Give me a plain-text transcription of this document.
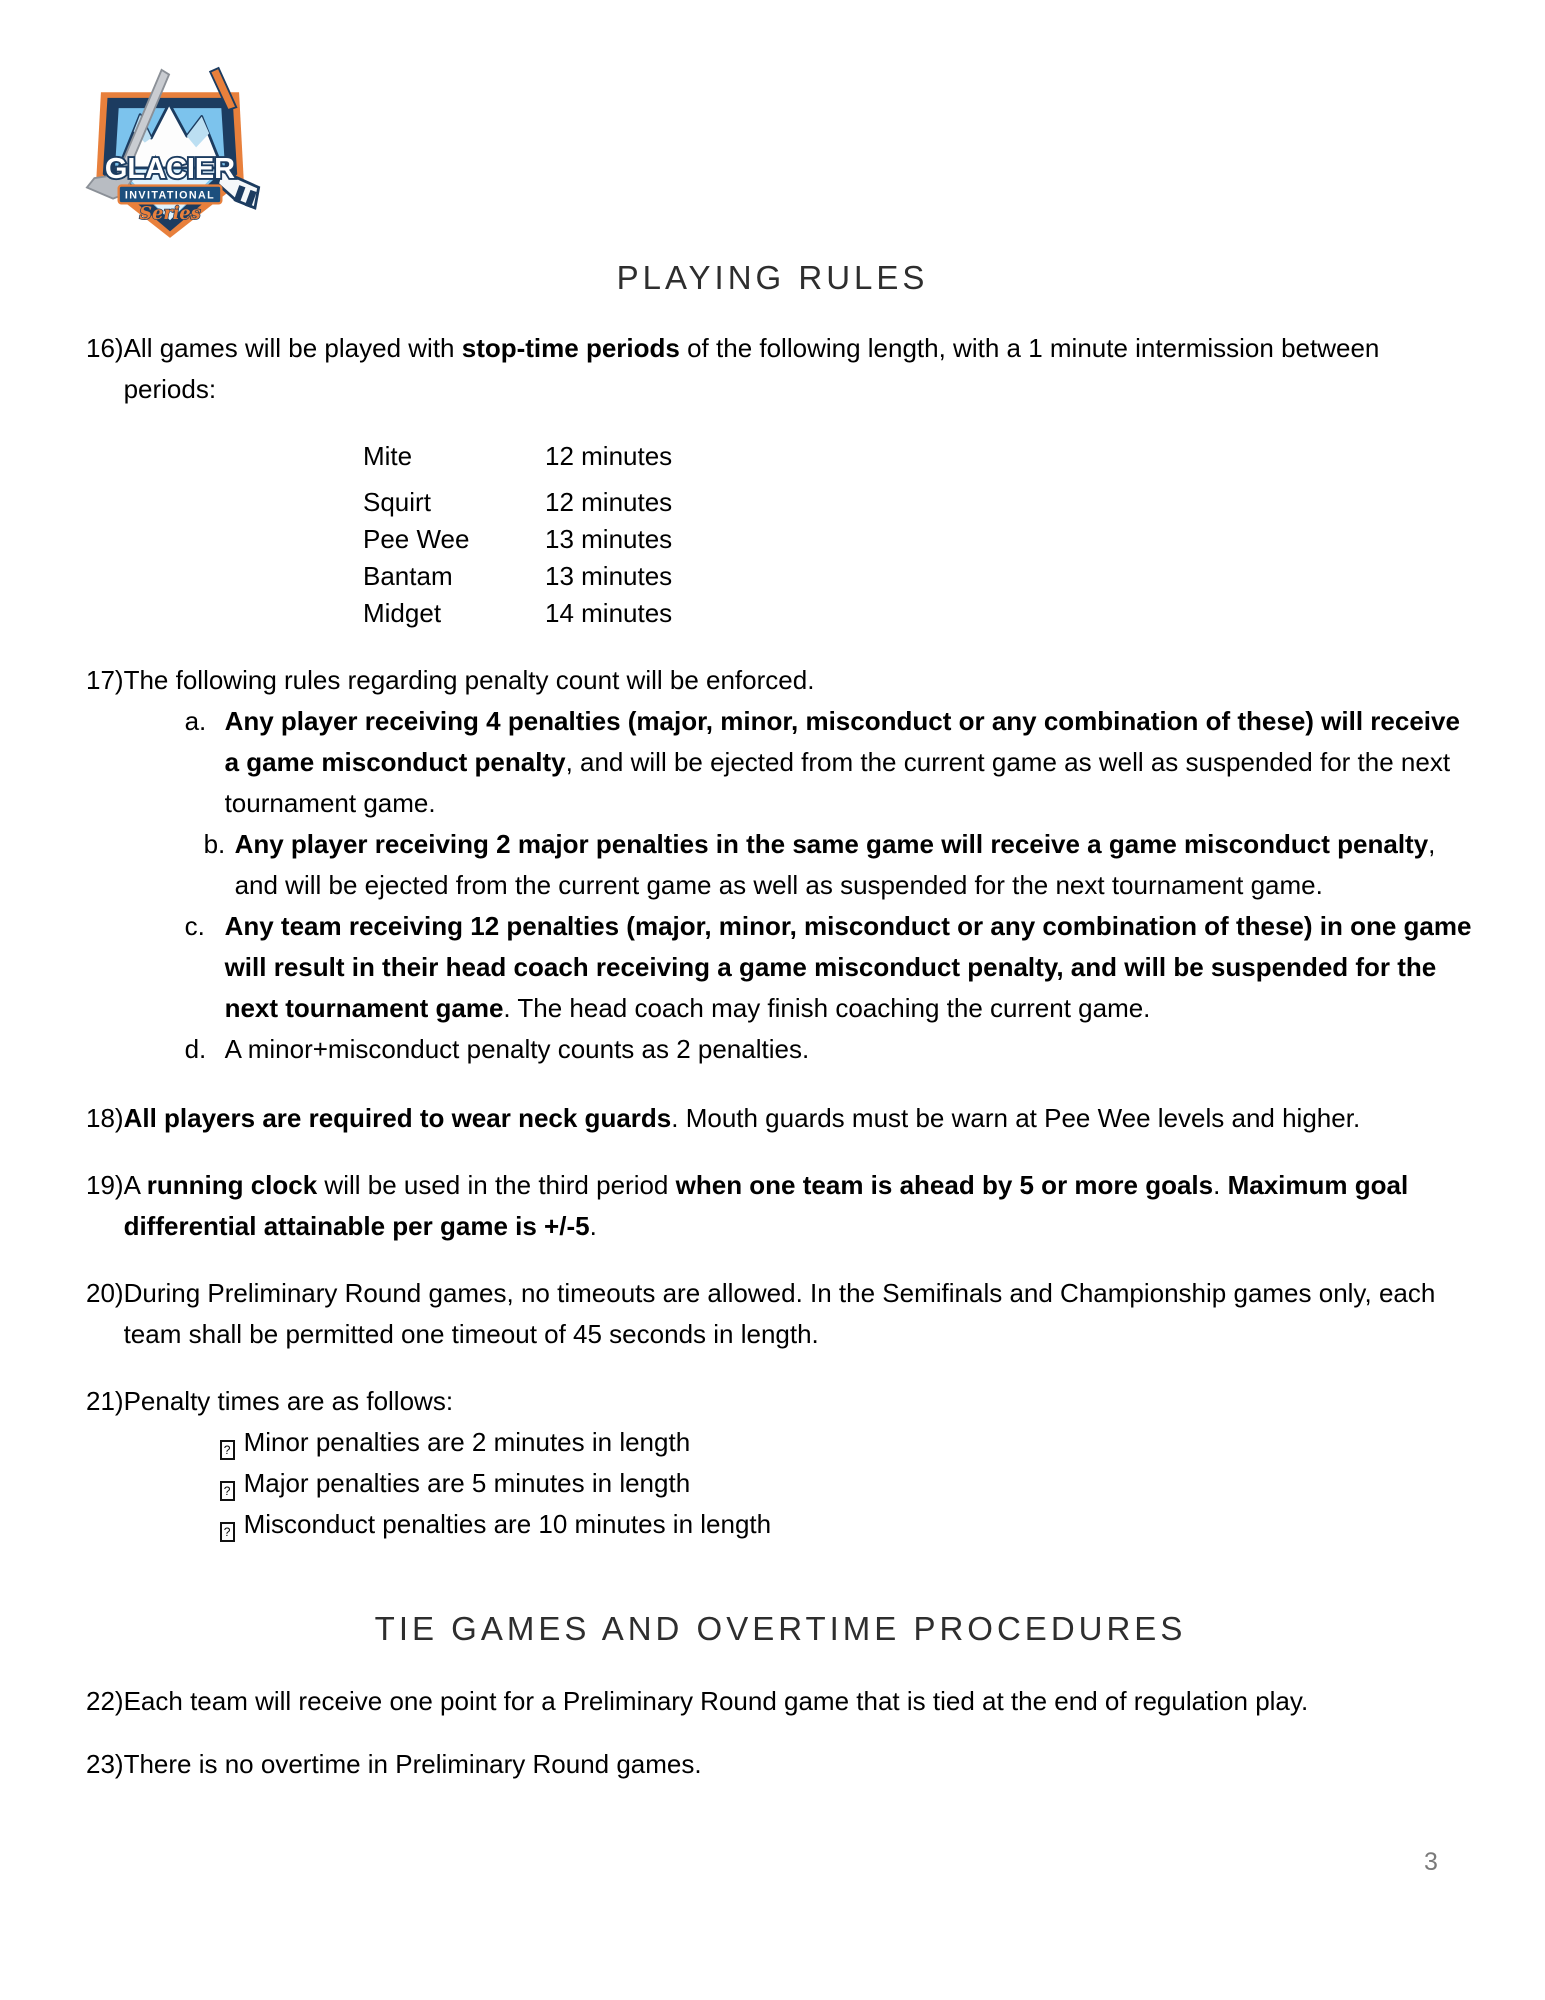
GLACIER
INVITATIONAL
Series
PLAYING RULES
16) All games will be played with stop-time periods of the following length, with a 1 minute intermission between periods:
Mite	12 minutes
Squirt	12 minutes
Pee Wee	13 minutes
Bantam	13 minutes
Midget	14 minutes
17) The following rules regarding penalty count will be enforced.
a. Any player receiving 4 penalties (major, minor, misconduct or any combination of these) will receive a game misconduct penalty, and will be ejected from the current game as well as suspended for the next tournament game.
b. Any player receiving 2 major penalties in the same game will receive a game misconduct penalty, and will be ejected from the current game as well as suspended for the next tournament game.
c. Any team receiving 12 penalties (major, minor, misconduct or any combination of these) in one game will result in their head coach receiving a game misconduct penalty, and will be suspended for the next tournament game. The head coach may finish coaching the current game.
d. A minor+misconduct penalty counts as 2 penalties.
18) All players are required to wear neck guards. Mouth guards must be warn at Pee Wee levels and higher.
19) A running clock will be used in the third period when one team is ahead by 5 or more goals. Maximum goal differential attainable per game is +/-5.
20) During Preliminary Round games, no timeouts are allowed. In the Semifinals and Championship games only, each team shall be permitted one timeout of 45 seconds in length.
21) Penalty times are as follows:
? Minor penalties are 2 minutes in length
? Major penalties are 5 minutes in length
? Misconduct penalties are 10 minutes in length
TIE GAMES AND OVERTIME PROCEDURES
22) Each team will receive one point for a Preliminary Round game that is tied at the end of regulation play.
23) There is no overtime in Preliminary Round games.
3
